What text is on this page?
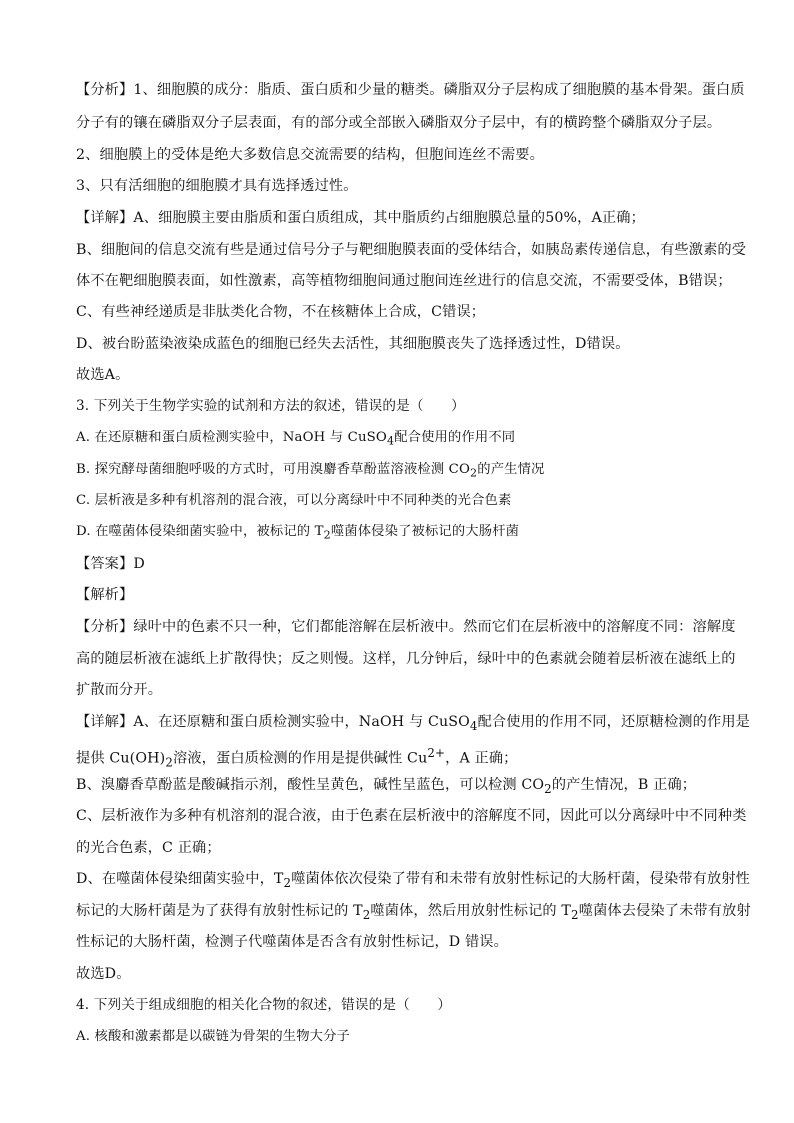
【分析】1、细胞膜的成分：脂质、蛋白质和少量的糖类。磷脂双分子层构成了细胞膜的基本骨架。蛋白质
分子有的镶在磷脂双分子层表面，有的部分或全部嵌入磷脂双分子层中，有的横跨整个磷脂双分子层。
2、细胞膜上的受体是绝大多数信息交流需要的结构，但胞间连丝不需要。
3、只有活细胞的细胞膜才具有选择透过性。
【详解】A、细胞膜主要由脂质和蛋白质组成，其中脂质约占细胞膜总量的50%，A正确；
B、细胞间的信息交流有些是通过信号分子与靶细胞膜表面的受体结合，如胰岛素传递信息，有些激素的受
体不在靶细胞膜表面，如性激素，高等植物细胞间通过胞间连丝进行的信息交流，不需要受体，B错误；
C、有些神经递质是非肽类化合物，不在核糖体上合成，C错误；
D、被台盼蓝染液染成蓝色的细胞已经失去活性，其细胞膜丧失了选择透过性，D错误。
故选A。
3. 下列关于生物学实验的试剂和方法的叙述，错误的是（　　）
A. 在还原糖和蛋白质检测实验中，NaOH 与 CuSO$_4$配合使用的作用不同
B. 探究酵母菌细胞呼吸的方式时，可用溴麝香草酚蓝溶液检测 $CO_2$的产生情况
C. 层析液是多种有机溶剂的混合液，可以分离绿叶中不同种类的光合色素
D. 在噬菌体侵染细菌实验中，被标记的 $T_2$噬菌体侵染了被标记的大肠杆菌
【答案】D
【解析】
【分析】绿叶中的色素不只一种，它们都能溶解在层析液中。然而它们在层析液中的溶解度不同：溶解度
高的随层析液在滤纸上扩散得快；反之则慢。这样，几分钟后，绿叶中的色素就会随着层析液在滤纸上的
扩散而分开。
【详解】A、在还原糖和蛋白质检测实验中，NaOH 与 CuSO$_4$配合使用的作用不同，还原糖检测的作用是
提供 $Cu(OH)_2$溶液，蛋白质检测的作用是提供碱性 $Cu^{2+}$，A 正确；
B、溴麝香草酚蓝是酸碱指示剂，酸性呈黄色，碱性呈蓝色，可以检测 $CO_2$的产生情况，B 正确；
C、层析液作为多种有机溶剂的混合液，由于色素在层析液中的溶解度不同，因此可以分离绿叶中不同种类
的光合色素，C 正确；
D、在噬菌体侵染细菌实验中，$T_2$噬菌体依次侵染了带有和未带有放射性标记的大肠杆菌，侵染带有放射性
标记的大肠杆菌是为了获得有放射性标记的 $T_2$噬菌体，然后用放射性标记的 $T_2$噬菌体去侵染了未带有放射
性标记的大肠杆菌，检测子代噬菌体是否含有放射性标记，D 错误。
故选D。
4. 下列关于组成细胞的相关化合物的叙述，错误的是（　　）
A. 核酸和激素都是以碳链为骨架的生物大分子
